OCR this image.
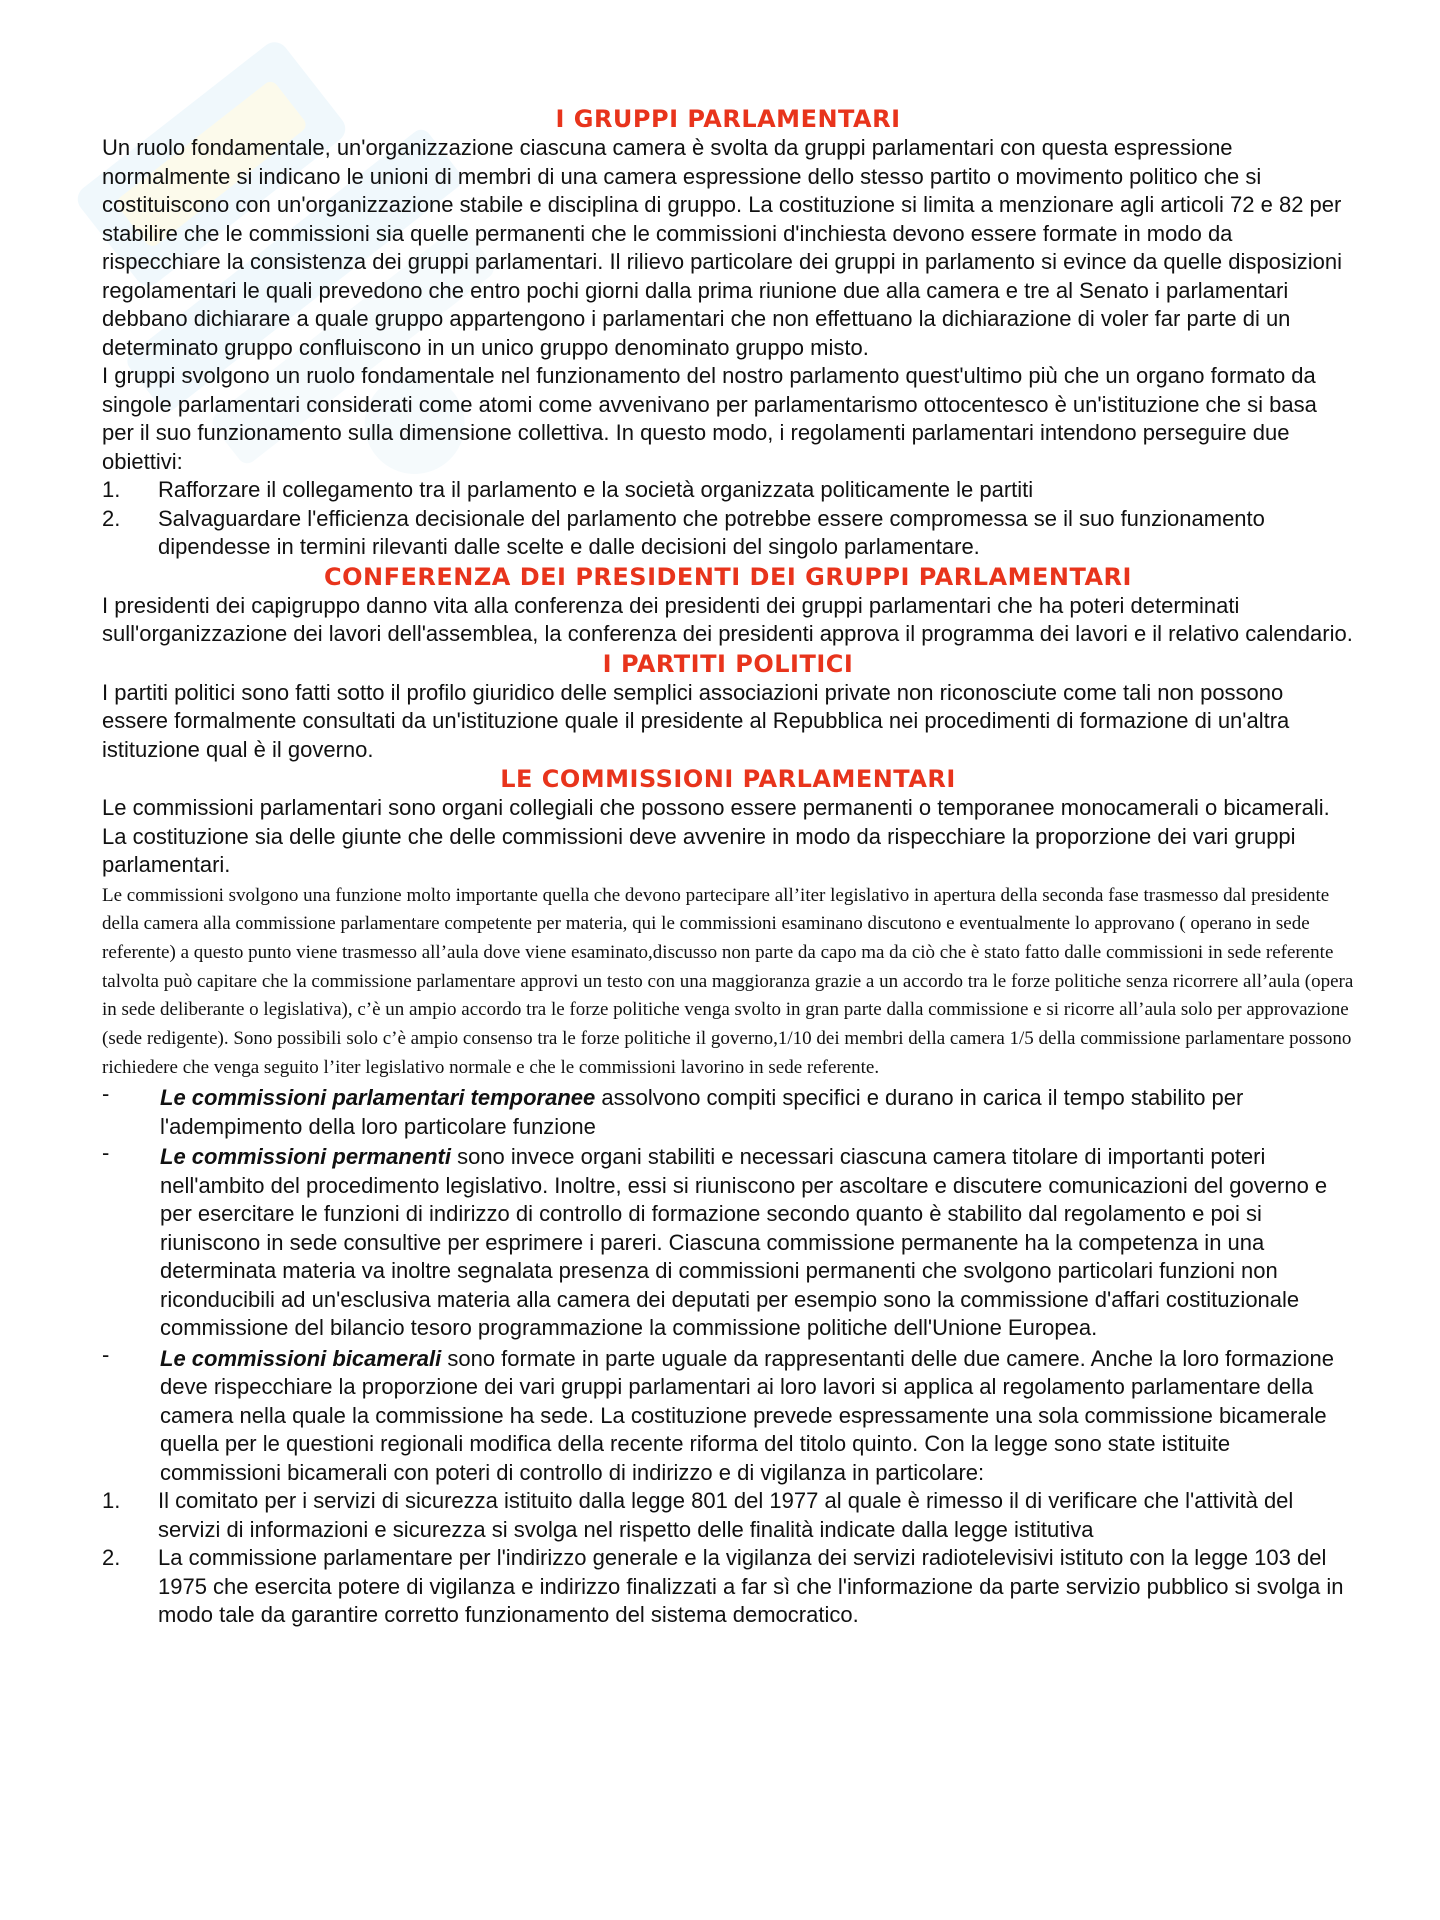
I GRUPPI PARLAMENTARI

Un ruolo fondamentale, un'organizzazione ciascuna camera è svolta da gruppi parlamentari con questa espressione normalmente si indicano le unioni di membri di una camera espressione dello stesso partito o movimento politico che si costituiscono con un'organizzazione stabile e disciplina di gruppo. La costituzione si limita a menzionare agli articoli 72 e 82 per stabilire che le commissioni sia quelle permanenti che le commissioni d'inchiesta devono essere formate in modo da rispecchiare la consistenza dei gruppi parlamentari. Il rilievo particolare dei gruppi in parlamento si evince da quelle disposizioni regolamentari le quali prevedono che entro pochi giorni dalla prima riunione due alla camera e tre al Senato i parlamentari debbano dichiarare a quale gruppo appartengono i parlamentari che non effettuano la dichiarazione di voler far parte di un determinato gruppo confluiscono in un unico gruppo denominato gruppo misto.

I gruppi svolgono un ruolo fondamentale nel funzionamento del nostro parlamento quest'ultimo più che un organo formato da singole parlamentari considerati come atomi come avvenivano per parlamentarismo ottocentesco è un'istituzione che si basa per il suo funzionamento sulla dimensione collettiva. In questo modo, i regolamenti parlamentari intendono perseguire due obiettivi:

1. Rafforzare il collegamento tra il parlamento e la società organizzata politicamente le partiti
2. Salvaguardare l'efficienza decisionale del parlamento che potrebbe essere compromessa se il suo funzionamento dipendesse in termini rilevanti dalle scelte e dalle decisioni del singolo parlamentare.
CONFERENZA DEI PRESIDENTI DEI GRUPPI PARLAMENTARI

I presidenti dei capigruppo danno vita alla conferenza dei presidenti dei gruppi parlamentari che ha poteri determinati sull'organizzazione dei lavori dell'assemblea, la conferenza dei presidenti approva il programma dei lavori e il relativo calendario.

I PARTITI POLITICI

I partiti politici sono fatti sotto il profilo giuridico delle semplici associazioni private non riconosciute come tali non possono essere formalmente consultati da un'istituzione quale il presidente al Repubblica nei procedimenti di formazione di un'altra istituzione qual è il governo.

LE COMMISSIONI PARLAMENTARI

Le commissioni parlamentari sono organi collegiali che possono essere permanenti o temporanee monocamerali o bicamerali. La costituzione sia delle giunte che delle commissioni deve avvenire in modo da rispecchiare la proporzione dei vari gruppi parlamentari.

Le commissioni svolgono una funzione molto importante quella che devono partecipare all’iter legislativo in apertura della seconda fase trasmesso dal presidente della camera alla commissione parlamentare competente per materia, qui le commissioni esaminano discutono e eventualmente lo approvano ( operano in sede referente) a questo punto viene trasmesso all’aula dove viene esaminato,discusso non parte da capo ma da ciò che è stato fatto dalle commissioni in sede referente talvolta può capitare che la commissione parlamentare approvi un testo con una maggioranza grazie a un accordo tra le forze politiche senza ricorrere all’aula (opera in sede deliberante o legislativa), c’è un ampio accordo tra le forze politiche venga svolto in gran parte dalla commissione e si ricorre all’aula solo per approvazione (sede redigente). Sono possibili solo c’è ampio consenso tra le forze politiche il governo,1/10 dei membri della camera 1/5 della commissione parlamentare possono richiedere che venga seguito l’iter legislativo normale e che le commissioni lavorino in sede referente.

- Le commissioni parlamentari temporanee assolvono compiti specifici e durano in carica il tempo stabilito per l'adempimento della loro particolare funzione
- Le commissioni permanenti sono invece organi stabiliti e necessari ciascuna camera titolare di importanti poteri nell'ambito del procedimento legislativo. Inoltre, essi si riuniscono per ascoltare e discutere comunicazioni del governo e per esercitare le funzioni di indirizzo di controllo di formazione secondo quanto è stabilito dal regolamento e poi si riuniscono in sede consultive per esprimere i pareri. Ciascuna commissione permanente ha la competenza in una determinata materia va inoltre segnalata presenza di commissioni permanenti che svolgono particolari funzioni non riconducibili ad un'esclusiva materia alla camera dei deputati per esempio sono la commissione d'affari costituzionale commissione del bilancio tesoro programmazione la commissione politiche dell'Unione Europea.
- Le commissioni bicamerali sono formate in parte uguale da rappresentanti delle due camere. Anche la loro formazione deve rispecchiare la proporzione dei vari gruppi parlamentari ai loro lavori si applica al regolamento parlamentare della camera nella quale la commissione ha sede. La costituzione prevede espressamente una sola commissione bicamerale quella per le questioni regionali modifica della recente riforma del titolo quinto. Con la legge sono state istituite commissioni bicamerali con poteri di controllo di indirizzo e di vigilanza in particolare:
1. Il comitato per i servizi di sicurezza istituito dalla legge 801 del 1977 al quale è rimesso il di verificare che l'attività del servizi di informazioni e sicurezza si svolga nel rispetto delle finalità indicate dalla legge istitutiva
2. La commissione parlamentare per l'indirizzo generale e la vigilanza dei servizi radiotelevisivi istituto con la legge 103 del 1975 che esercita potere di vigilanza e indirizzo finalizzati a far sì che l'informazione da parte servizio pubblico si svolga in modo tale da garantire corretto funzionamento del sistema democratico.
